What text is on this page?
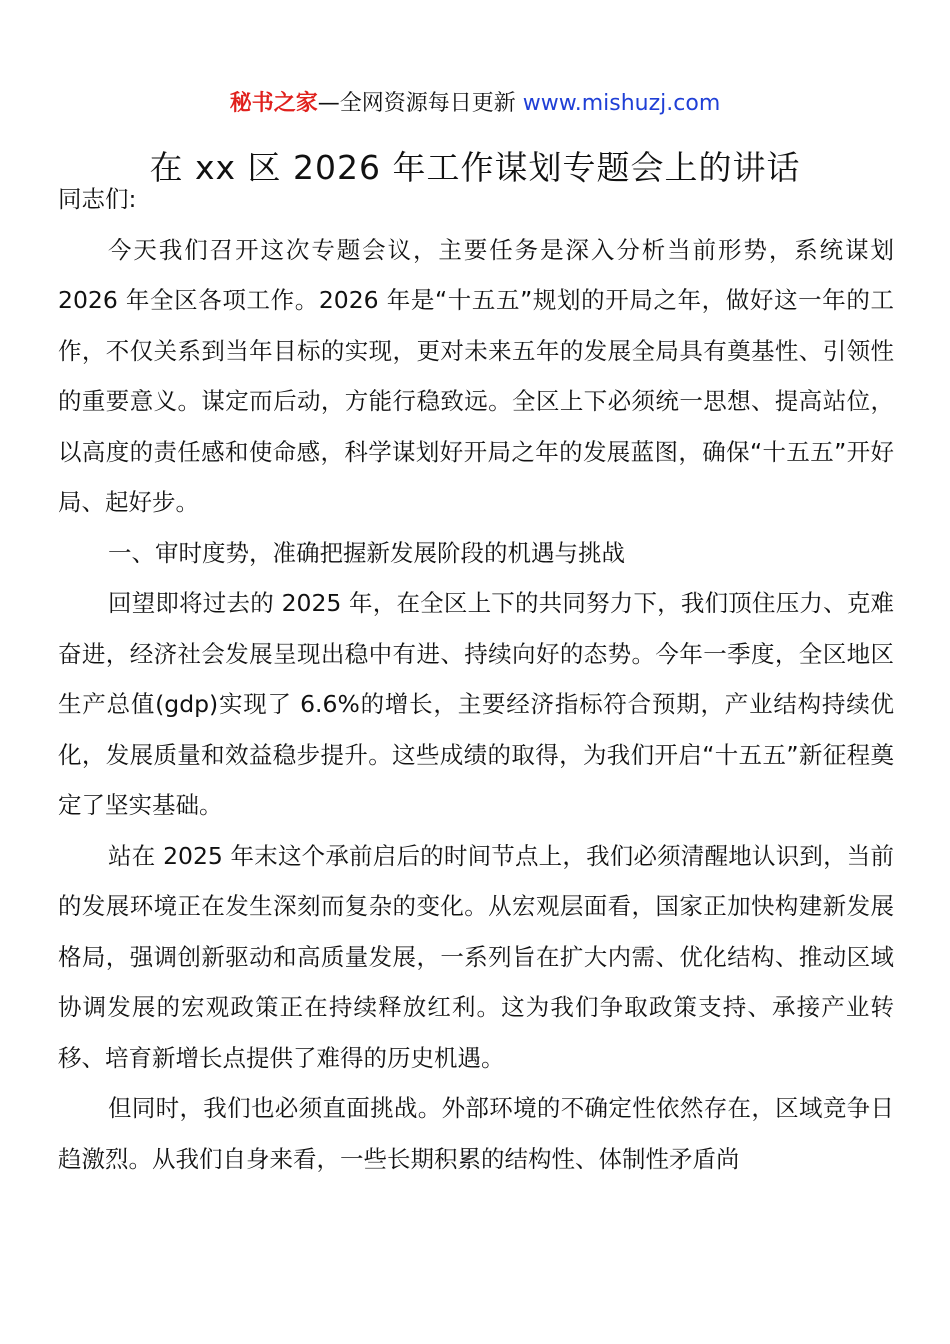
秘书之家—全网资源每日更新 www.mishuzj.com
在 xx 区 2026 年工作谋划专题会上的讲话

同志们:

今天我们召开这次专题会议，主要任务是深入分析当前形势，系统谋划 2026 年全区各项工作。2026 年是“十五五”规划的开局之年，做好这一年的工作，不仅关系到当年目标的实现，更对未来五年的发展全局具有奠基性、引领性的重要意义。谋定而后动，方能行稳致远。全区上下必须统一思想、提高站位，以高度的责任感和使命感，科学谋划好开局之年的发展蓝图，确保“十五五”开好局、起好步。

一、审时度势，准确把握新发展阶段的机遇与挑战

回望即将过去的 2025 年，在全区上下的共同努力下，我们顶住压力、克难奋进，经济社会发展呈现出稳中有进、持续向好的态势。今年一季度，全区地区生产总值(gdp)实现了 6.6%的增长，主要经济指标符合预期，产业结构持续优化，发展质量和效益稳步提升。这些成绩的取得，为我们开启“十五五”新征程奠定了坚实基础。

站在 2025 年末这个承前启后的时间节点上，我们必须清醒地认识到，当前的发展环境正在发生深刻而复杂的变化。从宏观层面看，国家正加快构建新发展格局，强调创新驱动和高质量发展，一系列旨在扩大内需、优化结构、推动区域协调发展的宏观政策正在持续释放红利。这为我们争取政策支持、承接产业转移、培育新增长点提供了难得的历史机遇。

但同时，我们也必须直面挑战。外部环境的不确定性依然存在，区域竞争日趋激烈。从我们自身来看，一些长期积累的结构性、体制性矛盾尚
